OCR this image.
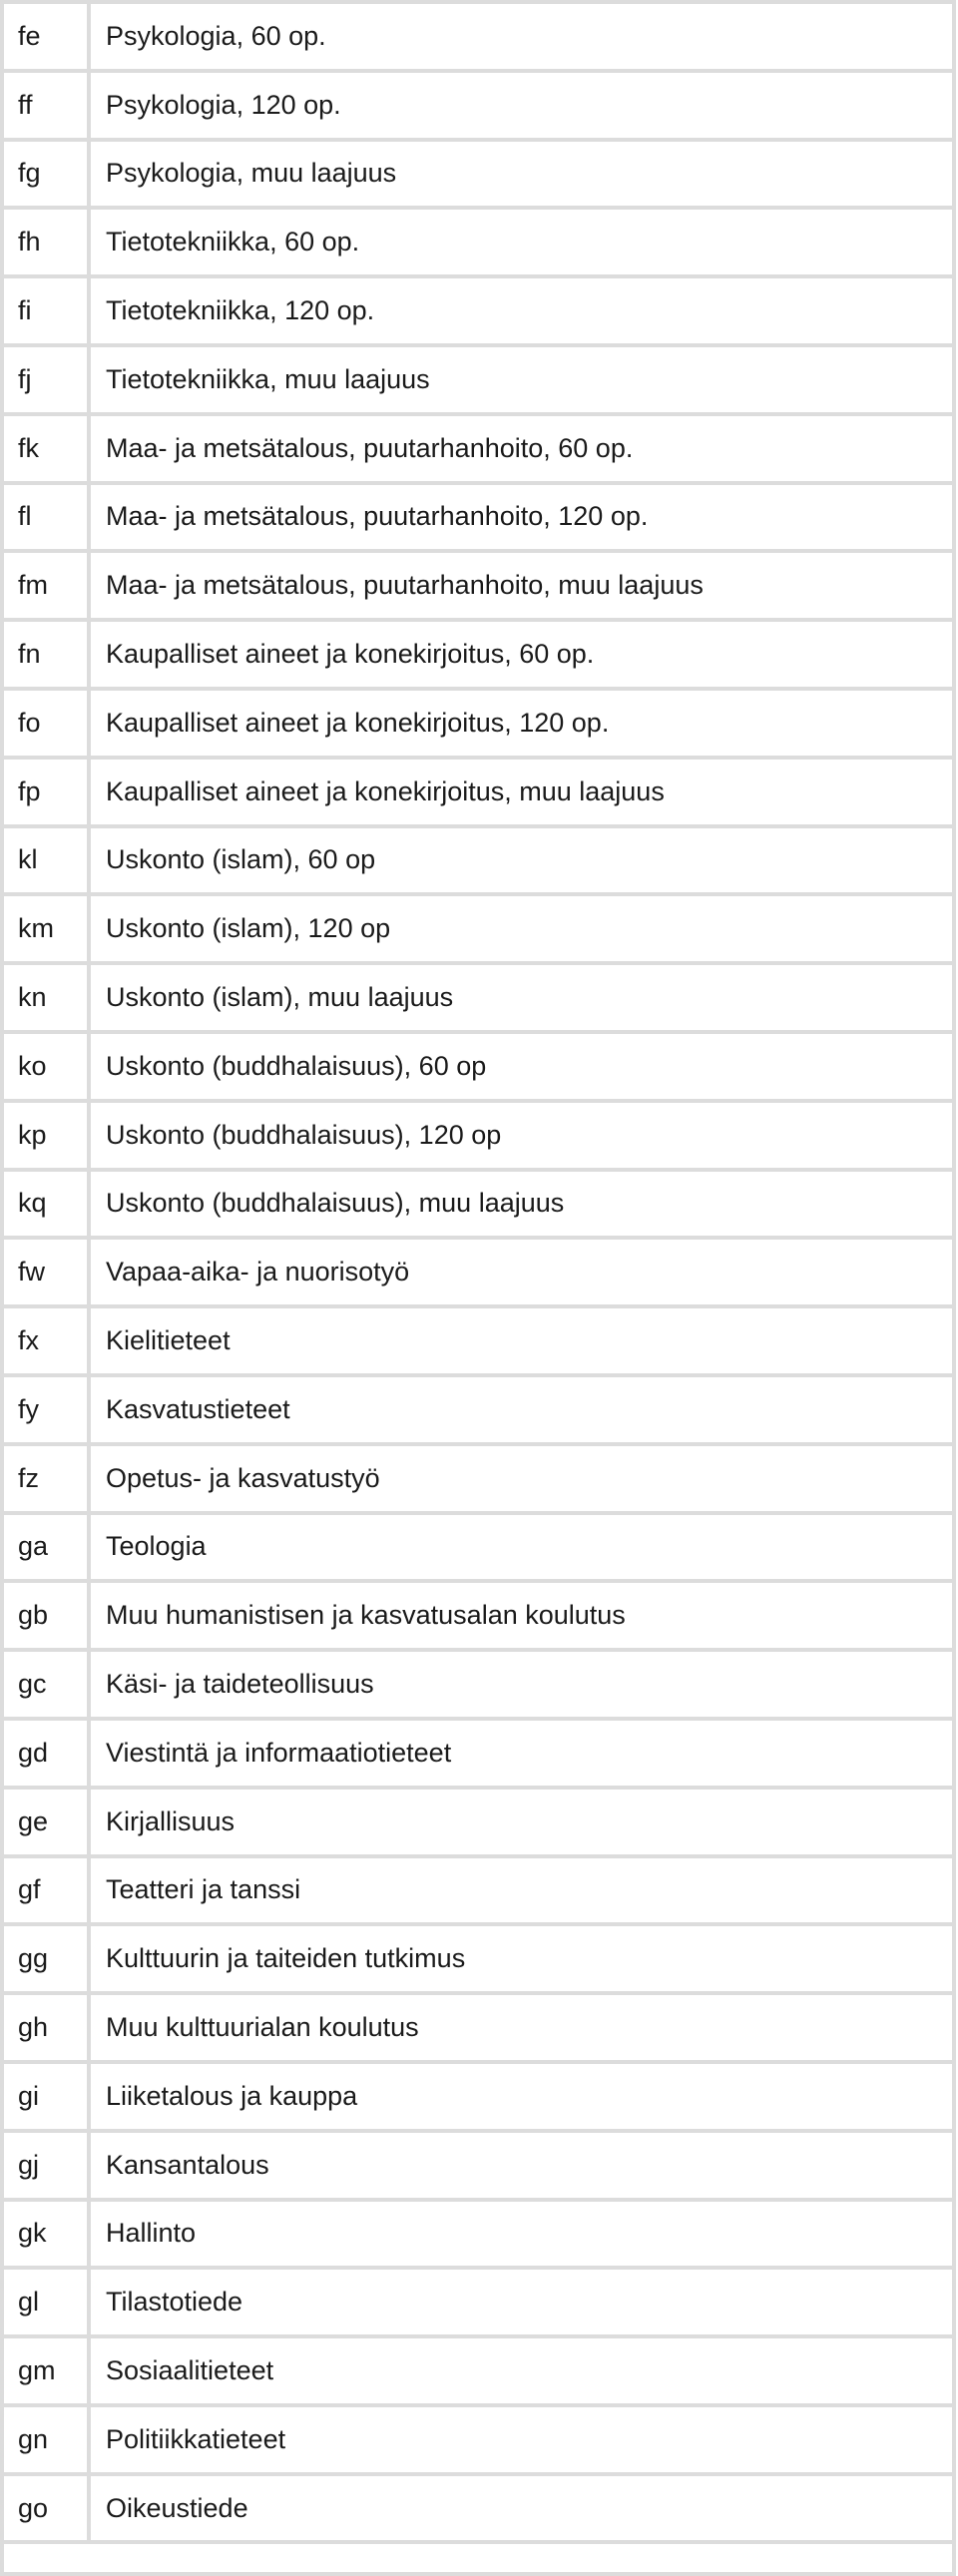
fe	Psykologia, 60 op.
ff	Psykologia, 120 op.
fg	Psykologia, muu laajuus
fh	Tietotekniikka, 60 op.
fi	Tietotekniikka, 120 op.
fj	Tietotekniikka, muu laajuus
fk	Maa- ja metsätalous, puutarhanhoito, 60 op.
fl	Maa- ja metsätalous, puutarhanhoito, 120 op.
fm	Maa- ja metsätalous, puutarhanhoito, muu laajuus
fn	Kaupalliset aineet ja konekirjoitus, 60 op.
fo	Kaupalliset aineet ja konekirjoitus, 120 op.
fp	Kaupalliset aineet ja konekirjoitus, muu laajuus
kl	Uskonto (islam), 60 op
km	Uskonto (islam), 120 op
kn	Uskonto (islam), muu laajuus
ko	Uskonto (buddhalaisuus), 60 op
kp	Uskonto (buddhalaisuus), 120 op
kq	Uskonto (buddhalaisuus), muu laajuus
fw	Vapaa-aika- ja nuorisotyö
fx	Kielitieteet
fy	Kasvatustieteet
fz	Opetus- ja kasvatustyö
ga	Teologia
gb	Muu humanistisen ja kasvatusalan koulutus
gc	Käsi- ja taideteollisuus
gd	Viestintä ja informaatiotieteet
ge	Kirjallisuus
gf	Teatteri ja tanssi
gg	Kulttuurin ja taiteiden tutkimus
gh	Muu kulttuurialan koulutus
gi	Liiketalous ja kauppa
gj	Kansantalous
gk	Hallinto
gl	Tilastotiede
gm	Sosiaalitieteet
gn	Politiikkatieteet
go	Oikeustiede
